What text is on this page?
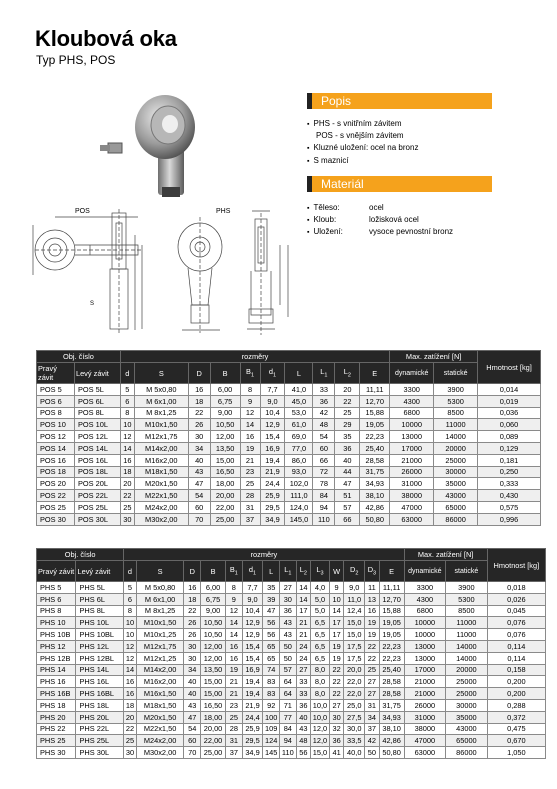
Kloubová oka
Typ PHS, POS
POS
S
PHS
Popis
▪ PHS - s vnitřním závitem
POS - s vnějším závitem
▪ Kluzné uložení: ocel na bronz
▪ S maznicí
Materiál
▪ Těleso:	ocel
▪ Kloub:	ložisková ocel
▪ Uložení:	vysoce pevnostní bronz
Obj. číslo		rozměry										Max. zatížení [N]		Hmotnost [kg]
Pravý závit	Levý závit	d	S	D	B	$B_1$	$d_1$	L	$L_1$	$L_2$	E	dynamické	statické	
POS 5	POS 5L	5	M 5x0,80	16	6,00	8	7,7	41,0	33	20	11,11	3300	3900	0,014
POS 6	POS 6L	6	M 6x1,00	18	6,75	9	9,0	45,0	36	22	12,70	4300	5300	0,019
POS 8	POS 8L	8	M 8x1,25	22	9,00	12	10,4	53,0	42	25	15,88	6800	8500	0,036
POS 10	POS 10L	10	M10x1,50	26	10,50	14	12,9	61,0	48	29	19,05	10000	11000	0,060
POS 12	POS 12L	12	M12x1,75	30	12,00	16	15,4	69,0	54	35	22,23	13000	14000	0,089
POS 14	POS 14L	14	M14x2,00	34	13,50	19	16,9	77,0	60	36	25,40	17000	20000	0,129
POS 16	POS 16L	16	M16x2,00	40	15,00	21	19,4	86,0	66	40	28,58	21000	25000	0,181
POS 18	POS 18L	18	M18x1,50	43	16,50	23	21,9	93,0	72	44	31,75	26000	30000	0,250
POS 20	POS 20L	20	M20x1,50	47	18,00	25	24,4	102,0	78	47	34,93	31000	35000	0,333
POS 22	POS 22L	22	M22x1,50	54	20,00	28	25,9	111,0	84	51	38,10	38000	43000	0,430
POS 25	POS 25L	25	M24x2,00	60	22,00	31	29,5	124,0	94	57	42,86	47000	65000	0,575
POS 30	POS 30L	30	M30x2,00	70	25,00	37	34,9	145,0	110	66	50,80	63000	86000	0,996
Obj. číslo		rozměry														Max. zatížení [N]		Hmotnost [kg]
Pravý závit	Levý závit	d	S	D	B	$B_1$	$d_1$	L	$L_1$	$L_2$	$L_3$	W	$D_2$	$D_3$	E	dynamické	statické	
PHS 5	PHS 5L	5	M 5x0,80	16	6,00	8	7,7	35	27	14	4,0	9	9,0	11	11,11	3300	3900	0,018
PHS 6	PHS 6L	6	M 6x1,00	18	6,75	9	9,0	39	30	14	5,0	10	11,0	13	12,70	4300	5300	0,026
PHS 8	PHS 8L	8	M 8x1,25	22	9,00	12	10,4	47	36	17	5,0	14	12,4	16	15,88	6800	8500	0,045
PHS 10	PHS 10L	10	M10x1,50	26	10,50	14	12,9	56	43	21	6,5	17	15,0	19	19,05	10000	11000	0,076
PHS 10B	PHS 10BL	10	M10x1,25	26	10,50	14	12,9	56	43	21	6,5	17	15,0	19	19,05	10000	11000	0,076
PHS 12	PHS 12L	12	M12x1,75	30	12,00	16	15,4	65	50	24	6,5	19	17,5	22	22,23	13000	14000	0,114
PHS 12B	PHS 12BL	12	M12x1,25	30	12,00	16	15,4	65	50	24	6,5	19	17,5	22	22,23	13000	14000	0,114
PHS 14	PHS 14L	14	M14x2,00	34	13,50	19	16,9	74	57	27	8,0	22	20,0	25	25,40	17000	20000	0,158
PHS 16	PHS 16L	16	M16x2,00	40	15,00	21	19,4	83	64	33	8,0	22	22,0	27	28,58	21000	25000	0,200
PHS 16B	PHS 16BL	16	M16x1,50	40	15,00	21	19,4	83	64	33	8,0	22	22,0	27	28,58	21000	25000	0,200
PHS 18	PHS 18L	18	M18x1,50	43	16,50	23	21,9	92	71	36	10,0	27	25,0	31	31,75	26000	30000	0,288
PHS 20	PHS 20L	20	M20x1,50	47	18,00	25	24,4	100	77	40	10,0	30	27,5	34	34,93	31000	35000	0,372
PHS 22	PHS 22L	22	M22x1,50	54	20,00	28	25,9	109	84	43	12,0	32	30,0	37	38,10	38000	43000	0,475
PHS 25	PHS 25L	25	M24x2,00	60	22,00	31	29,5	124	94	48	12,0	36	33,5	42	42,86	47000	65000	0,670
PHS 30	PHS 30L	30	M30x2,00	70	25,00	37	34,9	145	110	56	15,0	41	40,0	50	50,80	63000	86000	1,050
